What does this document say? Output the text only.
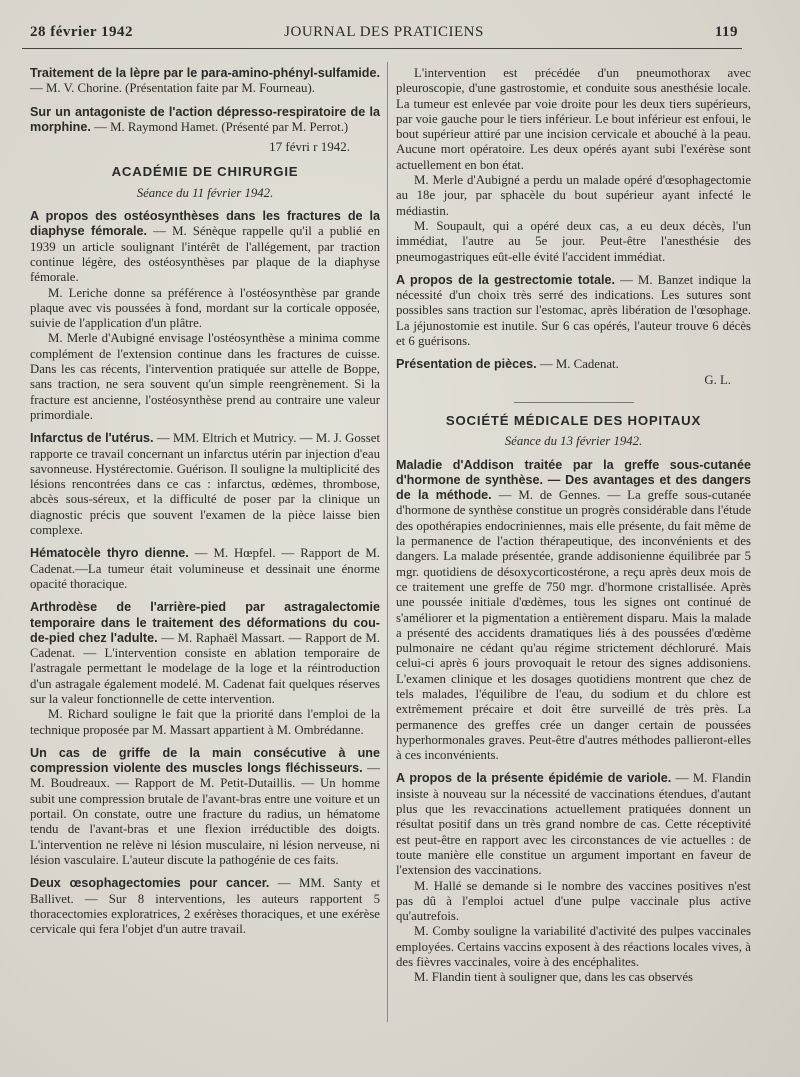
28 février 1942	JOURNAL DES PRATICIENS	119

Traitement de la lèpre par le para-amino-phényl-sulfamide. — M. V. Chorine. (Présentation faite par M. Fourneau).

Sur un antagoniste de l'action dépresso-respiratoire de la morphine. — M. Raymond Hamet. (Présenté par M. Perrot.)

17 févri r 1942.
ACADÉMIE DE CHIRURGIE
Séance du 11 février 1942.

A propos des ostéosynthèses dans les fractures de la diaphyse fémorale. — M. Sénèque rappelle qu'il a publié en 1939 un article soulignant l'intérêt de l'allégement, par traction continue légère, des ostéosynthèses par plaque de la diaphyse fémorale.

M. Leriche donne sa préférence à l'ostéosynthèse par grande plaque avec vis poussées à fond, mordant sur la corticale opposée, suivie de l'application d'un plâtre.

M. Merle d'Aubigné envisage l'ostéosynthèse a minima comme complément de l'extension continue dans les fractures de cuisse. Dans les cas récents, l'intervention pratiquée sur attelle de Boppe, sans traction, ne sera souvent qu'un simple reengrènement. Si la fracture est ancienne, l'ostéosynthèse prend au contraire une valeur primordiale.

Infarctus de l'utérus. — MM. Eltrich et Mutricy. — M. J. Gosset rapporte ce travail concernant un infarctus utérin par injection d'eau savonneuse. Hystérectomie. Guérison. Il souligne la multiplicité des lésions rencontrées dans ce cas : infarctus, œdèmes, thrombose, abcès sous-séreux, et la difficulté de poser par la clinique un diagnostic précis que souvent l'examen de la pièce laisse bien complexe.

Hématocèle thyro dienne. — M. Hœpfel. — Rapport de M. Cadenat.—La tumeur était volumineuse et dessinait une énorme opacité thoracique.

Arthrodèse de l'arrière-pied par astragalectomie temporaire dans le traitement des déformations du cou-de-pied chez l'adulte. — M. Raphaël Massart. — Rapport de M. Cadenat. — L'intervention consiste en ablation temporaire de l'astragale permettant le modelage de la loge et la réintroduction d'un astragale également modelé. M. Cadenat fait quelques réserves sur la valeur fonctionnelle de cette intervention.

M. Richard souligne le fait que la priorité dans l'emploi de la technique proposée par M. Massart appartient à M. Ombrédanne.

Un cas de griffe de la main consécutive à une compression violente des muscles longs fléchisseurs. — M. Boudreaux. — Rapport de M. Petit-Dutaillis. — Un homme subit une compression brutale de l'avant-bras entre une voiture et un portail. On constate, outre une fracture du radius, un hématome tendu de l'avant-bras et une flexion irréductible des doigts. L'intervention ne relève ni lésion musculaire, ni lésion nerveuse, ni lésion vasculaire. L'auteur discute la pathogénie de ces faits.

Deux œsophagectomies pour cancer. — MM. Santy et Ballivet. — Sur 8 interventions, les auteurs rapportent 5 thoracectomies exploratrices, 2 exérèses thoraciques, et une exérèse cervicale qui fera l'objet d'un autre travail.

L'intervention est précédée d'un pneumothorax avec pleuroscopie, d'une gastrostomie, et conduite sous anesthésie locale. La tumeur est enlevée par voie droite pour les deux tiers supérieurs, par voie gauche pour le tiers inférieur. Le bout inférieur est enfoui, le bout supérieur attiré par une incision cervicale et abouché à la peau. Aucune mort opératoire. Les deux opérés ayant subi l'exérèse sont actuellement en bon état.

M. Merle d'Aubigné a perdu un malade opéré d'œsophagectomie au 18e jour, par sphacèle du bout supérieur ayant infecté le médiastin.

M. Soupault, qui a opéré deux cas, a eu deux décès, l'un immédiat, l'autre au 5e jour. Peut-être l'anesthésie des pneumogastriques eût-elle évité l'accident immédiat.

A propos de la gestrectomie totale. — M. Banzet indique la nécessité d'un choix très serré des indications. Les sutures sont possibles sans traction sur l'estomac, après libération de l'œsophage. La jéjunostomie est inutile. Sur 6 cas opérés, l'auteur trouve 6 décès et 6 guérisons.

Présentation de pièces. — M. Cadenat.

G. L.
SOCIÉTÉ MÉDICALE DES HOPITAUX
Séance du 13 février 1942.

Maladie d'Addison traitée par la greffe sous-cutanée d'hormone de synthèse. — Des avantages et des dangers de la méthode. — M. de Gennes. — La greffe sous-cutanée d'hormone de synthèse constitue un progrès considérable dans l'étude des opothérapies endocriniennes, mais elle présente, du fait même de la permanence de l'action thérapeutique, des inconvénients et des dangers. La malade présentée, grande addisonienne équilibrée par 5 mgr. quotidiens de désoxycorticostérone, a reçu après deux mois de ce traitement une greffe de 750 mgr. d'hormone cristallisée. Après une poussée initiale d'œdèmes, tous les signes ont continué de s'améliorer et la pigmentation a entièrement disparu. Mais la malade a présenté des accidents dramatiques liés à des poussées d'œdème pulmonaire ne cédant qu'au régime strictement déchloruré. Mais celui-ci après 6 jours provoquait le retour des signes addisoniens. L'examen clinique et les dosages quotidiens montrent que chez de tels malades, l'équilibre de l'eau, du sodium et du chlore est extrêmement précaire et doit être surveillé de très près. La permanence des greffes crée un danger certain de poussées hyperhormonales graves. Peut-être d'autres méthodes pallieront-elles à ces inconvénients.

A propos de la présente épidémie de variole. — M. Flandin insiste à nouveau sur la nécessité de vaccinations étendues, d'autant plus que les revaccinations actuellement pratiquées donnent un résultat positif dans un très grand nombre de cas. Cette réceptivité est peut-être en rapport avec les circonstances de vie actuelles : de toute manière elle constitue un argument important en faveur de l'extension des vaccinations.

M. Hallé se demande si le nombre des vaccines positives n'est pas dû à l'emploi actuel d'une pulpe vaccinale plus active qu'autrefois.

M. Comby souligne la variabilité d'activité des pulpes vaccinales employées. Certains vaccins exposent à des réactions locales vives, à des fièvres vaccinales, voire à des encéphalites.

M. Flandin tient à souligner que, dans les cas observés
